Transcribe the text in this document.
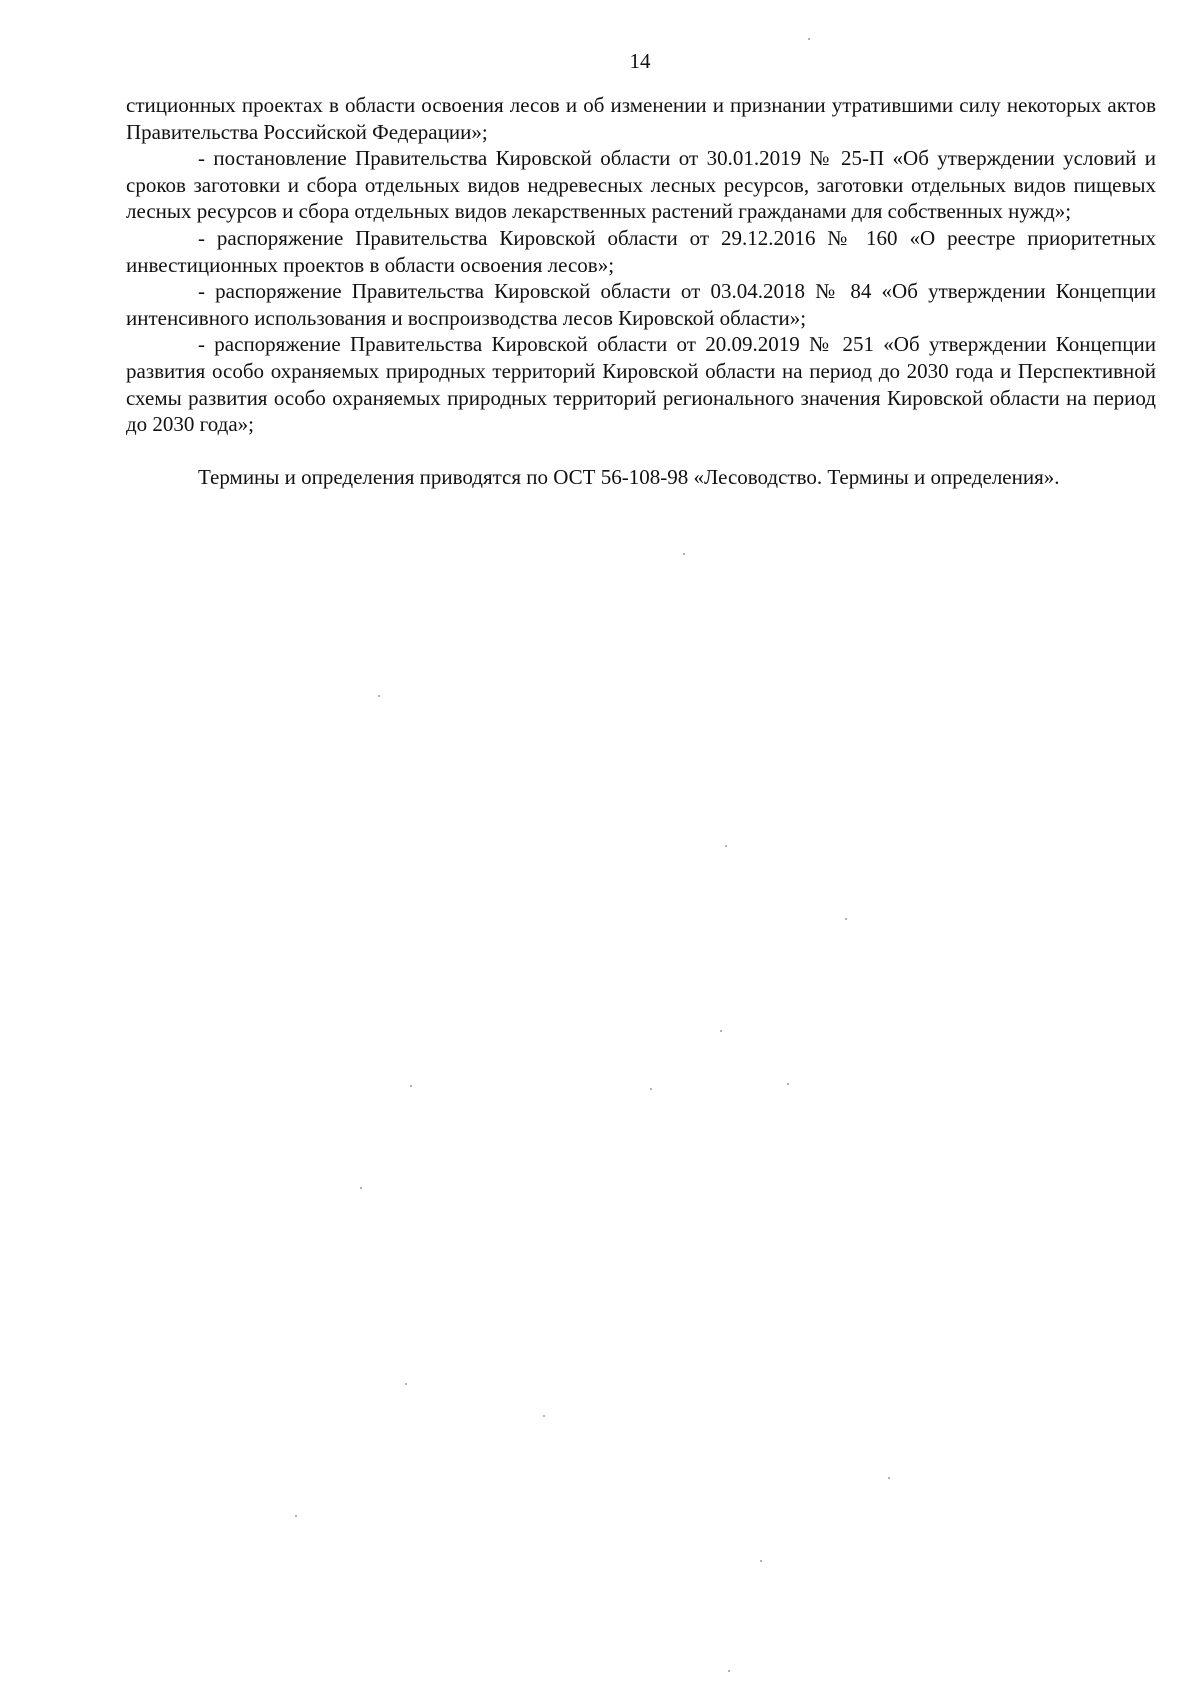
14

стиционных проектах в области освоения лесов и об изменении и признании утратившими силу некоторых актов Правительства Российской Федерации»;

- постановление Правительства Кировской области от 30.01.2019 № 25-П «Об утверждении условий и сроков заготовки и сбора отдельных видов недревесных лесных ресурсов, заготовки отдельных видов пищевых лесных ресурсов и сбора отдельных видов лекарственных растений гражданами для собственных нужд»;

- распоряжение Правительства Кировской области от 29.12.2016 № 160 «О реестре приоритетных инвестиционных проектов в области освоения лесов»;

- распоряжение Правительства Кировской области от 03.04.2018 № 84 «Об утверждении Концепции интенсивного использования и воспроизводства лесов Кировской области»;

- распоряжение Правительства Кировской области от 20.09.2019 № 251 «Об утверждении Концепции развития особо охраняемых природных территорий Кировской области на период до 2030 года и Перспективной схемы развития особо охраняемых природных территорий регионального значения Кировской области на период до 2030 года»;

Термины и определения приводятся по ОСТ 56-108-98 «Лесоводство. Термины и определения».
